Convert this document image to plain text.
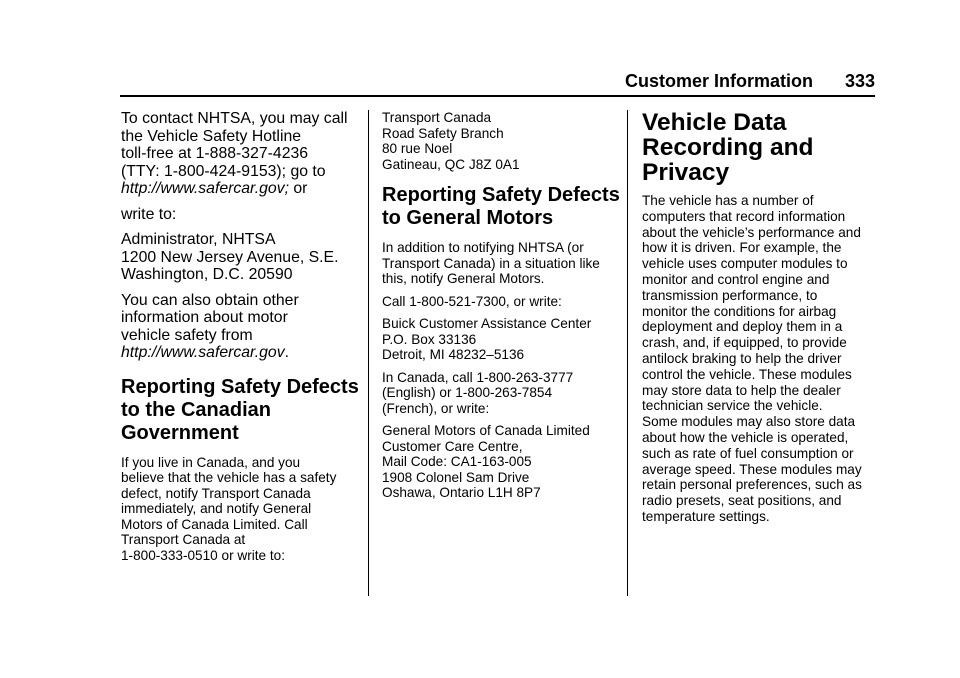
Customer Information 333

To contact NHTSA, you may call
the Vehicle Safety Hotline
toll-free at 1-888-327-4236
(TTY: 1-800-424-9153); go to
http://www.safercar.gov; or

write to:

Administrator, NHTSA
1200 New Jersey Avenue, S.E.
Washington, D.C. 20590

You can also obtain other
information about motor
vehicle safety from
http://www.safercar.gov.

Reporting Safety Defects
to the Canadian
Government

If you live in Canada, and you
believe that the vehicle has a safety
defect, notify Transport Canada
immediately, and notify General
Motors of Canada Limited. Call
Transport Canada at
1-800-333-0510 or write to:

Transport Canada
Road Safety Branch
80 rue Noel
Gatineau, QC J8Z 0A1

Reporting Safety Defects
to General Motors

In addition to notifying NHTSA (or
Transport Canada) in a situation like
this, notify General Motors.

Call 1-800-521-7300, or write:

Buick Customer Assistance Center
P.O. Box 33136
Detroit, MI 48232–5136

In Canada, call 1-800-263-3777
(English) or 1-800-263-7854
(French), or write:

General Motors of Canada Limited
Customer Care Centre,
Mail Code: CA1-163-005
1908 Colonel Sam Drive
Oshawa, Ontario L1H 8P7

Vehicle Data
Recording and
Privacy

The vehicle has a number of
computers that record information
about the vehicle’s performance and
how it is driven. For example, the
vehicle uses computer modules to
monitor and control engine and
transmission performance, to
monitor the conditions for airbag
deployment and deploy them in a
crash, and, if equipped, to provide
antilock braking to help the driver
control the vehicle. These modules
may store data to help the dealer
technician service the vehicle.
Some modules may also store data
about how the vehicle is operated,
such as rate of fuel consumption or
average speed. These modules may
retain personal preferences, such as
radio presets, seat positions, and
temperature settings.
